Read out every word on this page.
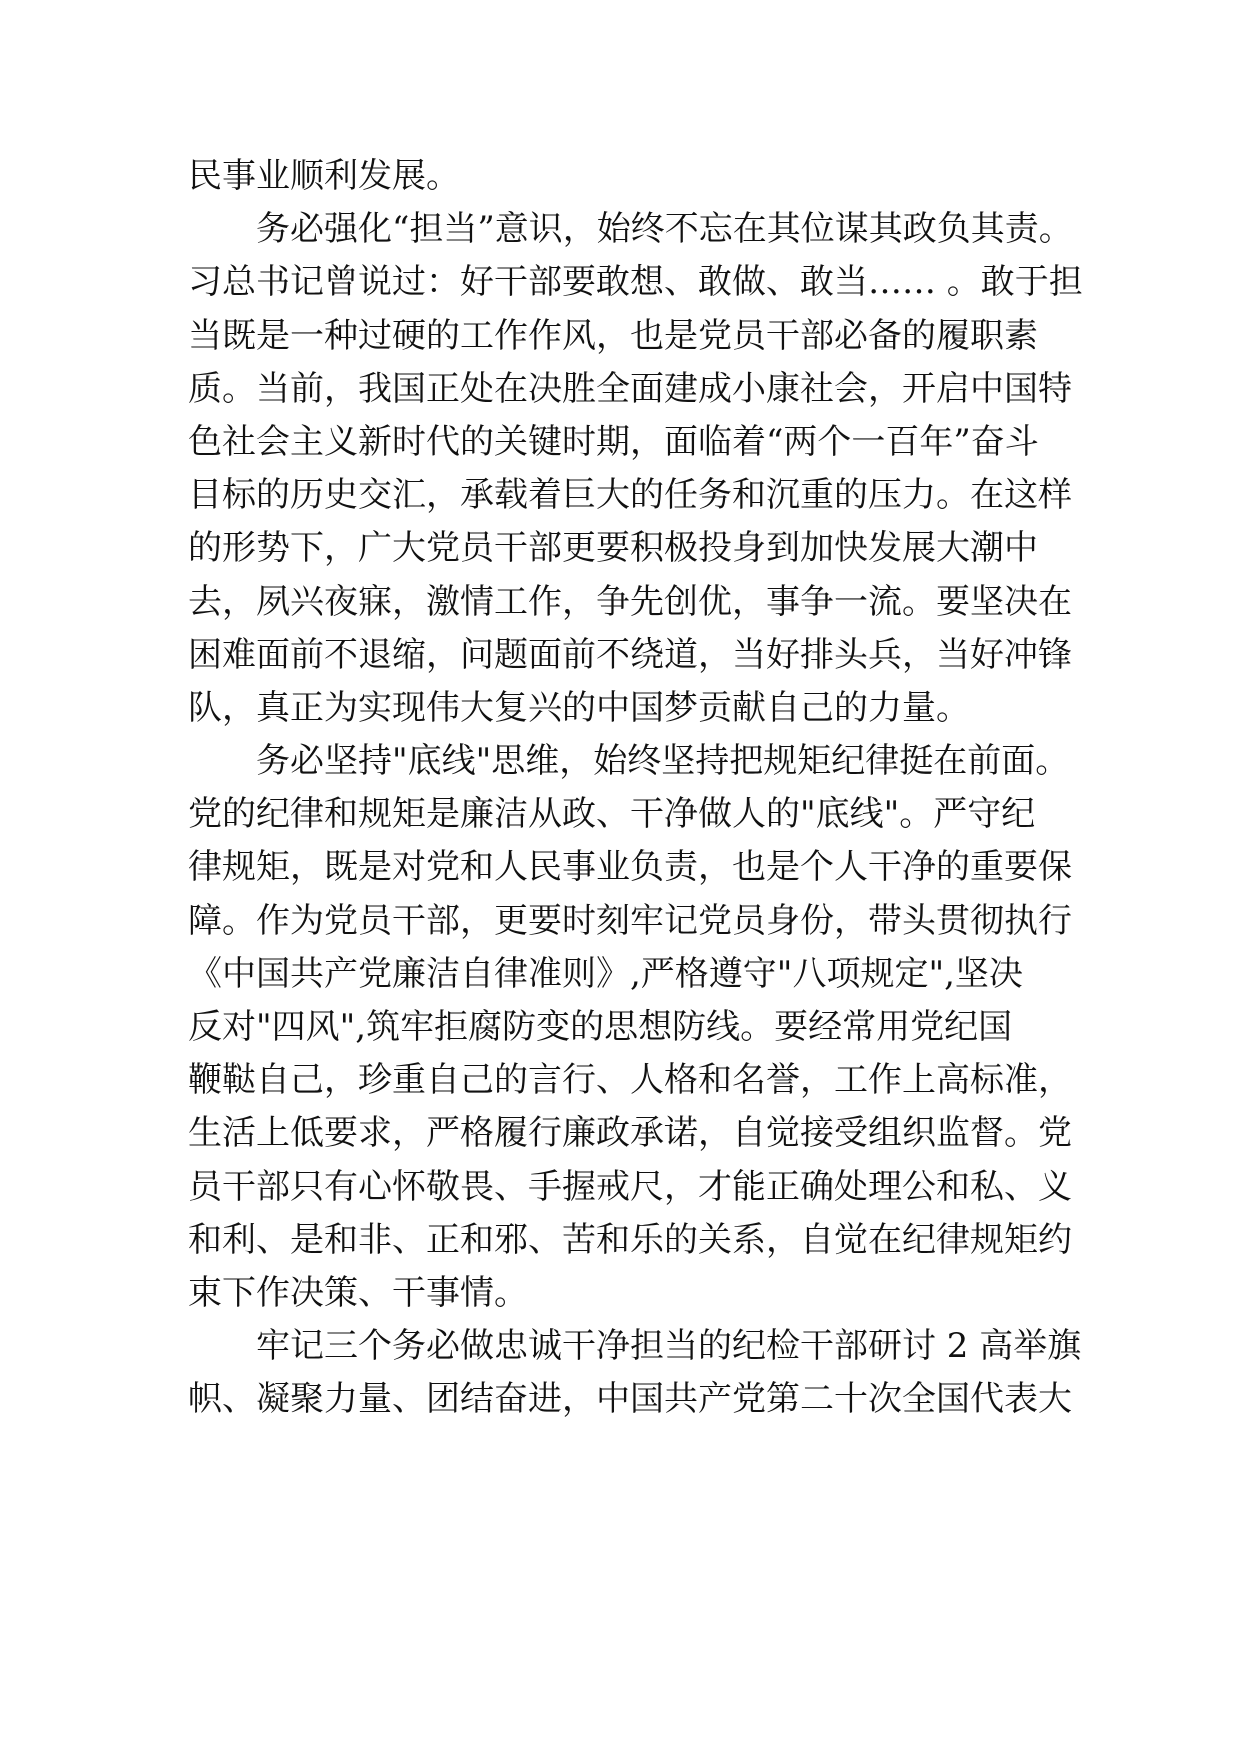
民事业顺利发展。
务必强化“担当”意识，始终不忘在其位谋其政负其责。
习总书记曾说过：好干部要敢想、敢做、敢当…… 。敢于担
当既是一种过硬的工作作风，也是党员干部必备的履职素
质。当前，我国正处在决胜全面建成小康社会，开启中国特
色社会主义新时代的关键时期，面临着“两个一百年”奋斗
目标的历史交汇，承载着巨大的任务和沉重的压力。在这样
的形势下，广大党员干部更要积极投身到加快发展大潮中
去，夙兴夜寐，激情工作，争先创优，事争一流。要坚决在
困难面前不退缩，问题面前不绕道，当好排头兵，当好冲锋
队，真正为实现伟大复兴的中国梦贡献自己的力量。
务必坚持"底线"思维，始终坚持把规矩纪律挺在前面。
党的纪律和规矩是廉洁从政、干净做人的"底线"。严守纪
律规矩，既是对党和人民事业负责，也是个人干净的重要保
障。作为党员干部，更要时刻牢记党员身份，带头贯彻执行
《中国共产党廉洁自律准则》,严格遵守"八项规定",坚决
反对"四风",筑牢拒腐防变的思想防线。要经常用党纪国
鞭鞑自己，珍重自己的言行、人格和名誉，工作上高标准，
生活上低要求，严格履行廉政承诺，自觉接受组织监督。党
员干部只有心怀敬畏、手握戒尺，才能正确处理公和私、义
和利、是和非、正和邪、苦和乐的关系，自觉在纪律规矩约
束下作决策、干事情。
牢记三个务必做忠诚干净担当的纪检干部研讨 2 高举旗
帜、凝聚力量、团结奋进，中国共产党第二十次全国代表大
